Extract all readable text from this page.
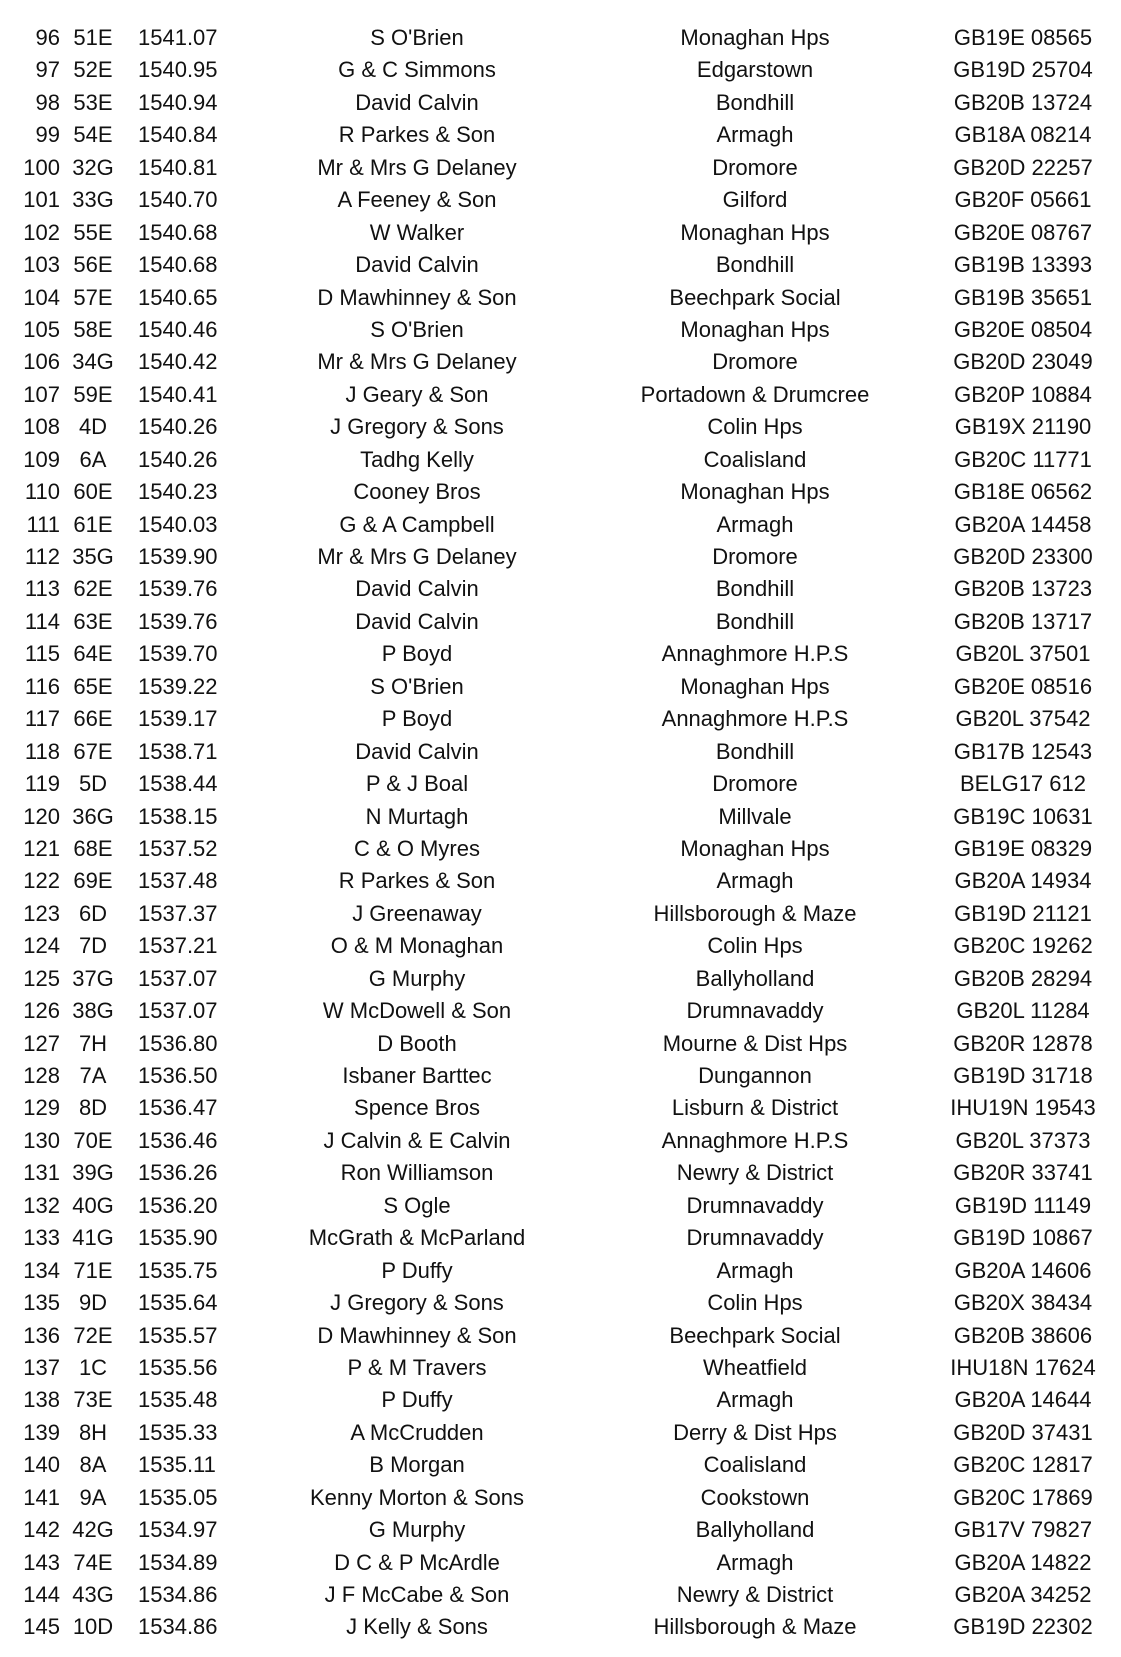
96 51E 1541.07	S O'Brien	Monaghan Hps	GB19E 08565
97 52E 1540.95	G & C Simmons	Edgarstown	GB19D 25704
98 53E 1540.94	David Calvin	Bondhill	GB20B 13724
99 54E 1540.84	R Parkes & Son	Armagh	GB18A 08214
100 32G 1540.81	Mr & Mrs G Delaney	Dromore	GB20D 22257
101 33G 1540.70	A Feeney & Son	Gilford	GB20F 05661
102 55E 1540.68	W Walker	Monaghan Hps	GB20E 08767
103 56E 1540.68	David Calvin	Bondhill	GB19B 13393
104 57E 1540.65	D Mawhinney & Son	Beechpark Social	GB19B 35651
105 58E 1540.46	S O'Brien	Monaghan Hps	GB20E 08504
106 34G 1540.42	Mr & Mrs G Delaney	Dromore	GB20D 23049
107 59E 1540.41	J Geary & Son	Portadown & Drumcree	GB20P 10884
108 4D	1540.26	J Gregory & Sons	Colin Hps	GB19X 21190
109 6A	1540.26	Tadhg Kelly	Coalisland	GB20C 11771
110 60E 1540.23	Cooney Bros	Monaghan Hps	GB18E 06562
111 61E 1540.03	G & A Campbell	Armagh	GB20A 14458
112 35G 1539.90	Mr & Mrs G Delaney	Dromore	GB20D 23300
113 62E 1539.76	David Calvin	Bondhill	GB20B 13723
114 63E 1539.76	David Calvin	Bondhill	GB20B 13717
115 64E 1539.70	P Boyd	Annaghmore H.P.S	GB20L 37501
116 65E 1539.22	S O'Brien	Monaghan Hps	GB20E 08516
117 66E 1539.17	P Boyd	Annaghmore H.P.S	GB20L 37542
118 67E 1538.71	David Calvin	Bondhill	GB17B 12543
119 5D	1538.44	P & J Boal	Dromore	BELG17 612
120 36G 1538.15	N Murtagh	Millvale	GB19C 10631
121 68E 1537.52	C & O Myres	Monaghan Hps	GB19E 08329
122 69E 1537.48	R Parkes & Son	Armagh	GB20A 14934
123 6D	1537.37	J Greenaway	Hillsborough & Maze	GB19D 21121
124 7D	1537.21	O & M Monaghan	Colin Hps	GB20C 19262
125 37G 1537.07	G Murphy	Ballyholland	GB20B 28294
126 38G 1537.07	W McDowell & Son	Drumnavaddy	GB20L 11284
127 7H	1536.80	D Booth	Mourne & Dist Hps	GB20R 12878
128 7A	1536.50	Isbaner Barttec	Dungannon	GB19D 31718
129 8D	1536.47	Spence Bros	Lisburn & District	IHU19N 19543
130 70E 1536.46	J Calvin & E Calvin	Annaghmore H.P.S	GB20L 37373
131 39G 1536.26	Ron Williamson	Newry & District	GB20R 33741
132 40G 1536.20	S Ogle	Drumnavaddy	GB19D 11149
133 41G 1535.90	McGrath & McParland	Drumnavaddy	GB19D 10867
134 71E 1535.75	P Duffy	Armagh	GB20A 14606
135 9D	1535.64	J Gregory & Sons	Colin Hps	GB20X 38434
136 72E 1535.57	D Mawhinney & Son	Beechpark Social	GB20B 38606
137 1C	1535.56	P & M Travers	Wheatfield	IHU18N 17624
138 73E 1535.48	P Duffy	Armagh	GB20A 14644
139 8H	1535.33	A McCrudden	Derry & Dist Hps	GB20D 37431
140 8A	1535.11	B Morgan	Coalisland	GB20C 12817
141 9A	1535.05	Kenny Morton & Sons	Cookstown	GB20C 17869
142 42G 1534.97	G Murphy	Ballyholland	GB17V 79827
143 74E 1534.89	D C & P McArdle	Armagh	GB20A 14822
144 43G 1534.86	J F McCabe & Son	Newry & District	GB20A 34252
145 10D 1534.86	J Kelly & Sons	Hillsborough & Maze	GB19D 22302
